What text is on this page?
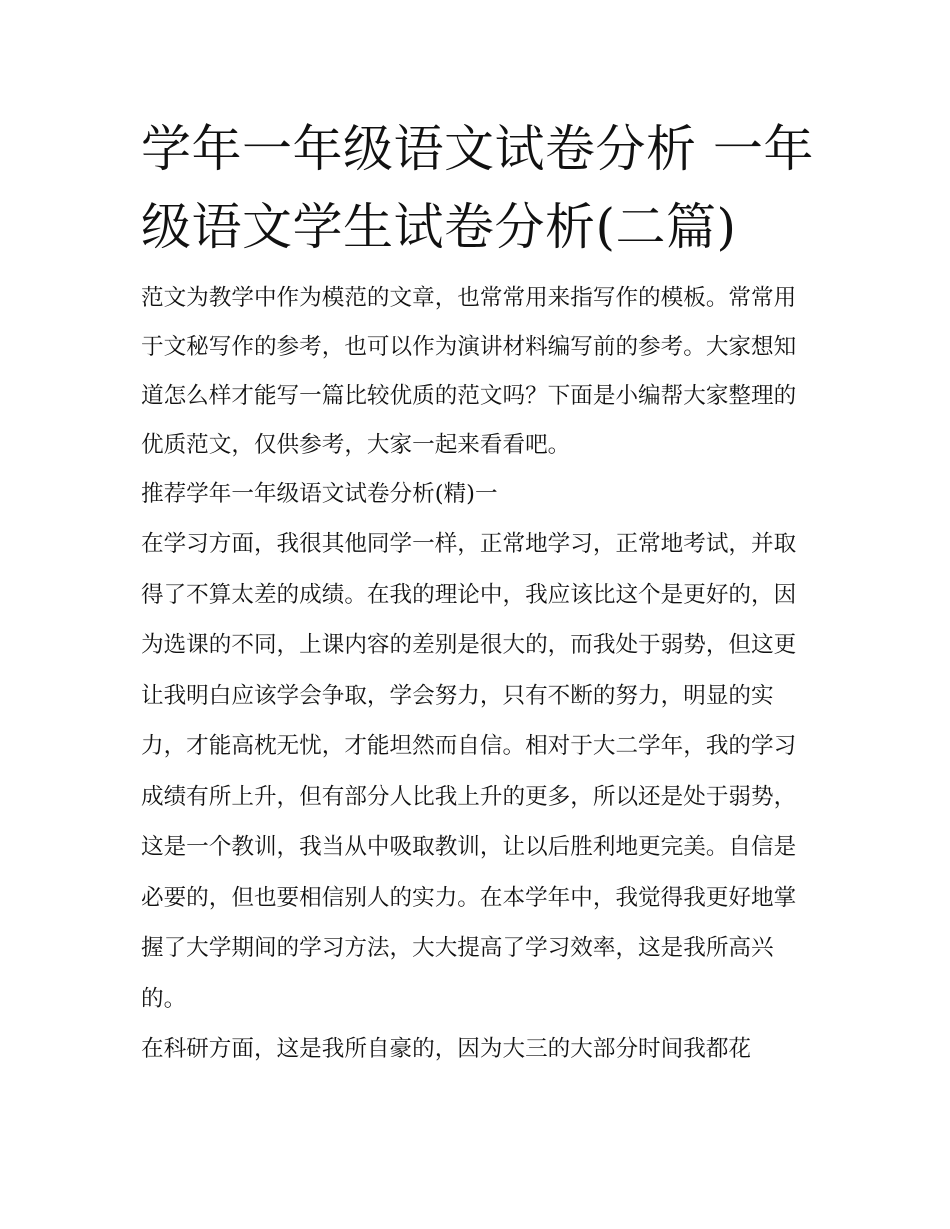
学年一年级语文试卷分析 一年级语文学生试卷分析(二篇)

范文为教学中作为模范的文章，也常常用来指写作的模板。常常用于文秘写作的参考，也可以作为演讲材料编写前的参考。大家想知道怎么样才能写一篇比较优质的范文吗？下面是小编帮大家整理的优质范文，仅供参考，大家一起来看看吧。

推荐学年一年级语文试卷分析(精)一

在学习方面，我很其他同学一样，正常地学习，正常地考试，并取得了不算太差的成绩。在我的理论中，我应该比这个是更好的，因为选课的不同，上课内容的差别是很大的，而我处于弱势，但这更让我明白应该学会争取，学会努力，只有不断的努力，明显的实力，才能高枕无忧，才能坦然而自信。相对于大二学年，我的学习成绩有所上升，但有部分人比我上升的更多，所以还是处于弱势，这是一个教训，我当从中吸取教训，让以后胜利地更完美。自信是必要的，但也要相信别人的实力。在本学年中，我觉得我更好地掌握了大学期间的学习方法，大大提高了学习效率，这是我所高兴的。

在科研方面，这是我所自豪的，因为大三的大部分时间我都花
